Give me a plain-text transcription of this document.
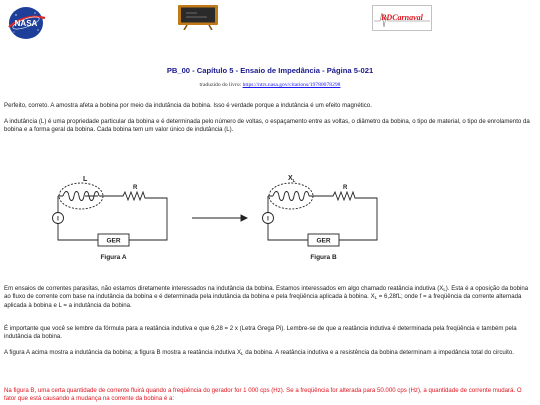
NASA
RDCarnaval
PB_00 - Capítulo 5 - Ensaio de Impedância - Página 5-021
traduzido do livro: https://ntrs.nasa.gov/citations/19780078298
Perfeito, correto. A amostra afeta a bobina por meio da indutância da bobina. Isso é verdade porque a indutância é um efeito magnético.
A indutância (L) é uma propriedade particular da bobina e é determinada pelo número de voltas, o espaçamento entre as voltas, o diâmetro da bobina, o tipo de material, o tipo de enrolamento da bobina e a forma geral da bobina. Cada bobina tem um valor único de indutância (L).
L
R
I
GER
Figura A
$X_L$
R
I
GER
Figura B
Em ensaios de correntes parasitas, não estamos diretamente interessados na indutância da bobina. Estamos interessados em algo chamado reatância indutiva $(X_L)$. Esta é a oposição da bobina ao fluxo de corrente com base na indutância da bobina e é determinada pela indutância da bobina e pela freqüência aplicada à bobina. $X_L = 6,28fL$; onde f = a freqüência da corrente alternada aplicada à bobina e L = a indutância da bobina.
É importante que você se lembre da fórmula para a reatância indutiva e que 6,28 = 2 x (Letra Grega Pi). Lembre-se de que a reatância indutiva é determinada pela freqüência e também pela indutância da bobina.
A figura A acima mostra a indutância da bobina; a figura B mostra a reatância indutiva $X_L$ da bobina. A reatância indutiva e a resistência da bobina determinam a impedância total do circuito.
Na figura B, uma certa quantidade de corrente fluirá quando a freqüência do gerador for 1 000 cps (Hz). Se a freqüência for alterada para 50.000 cps (Hz), a quantidade de corrente mudará. O fator que está causando a mudança na corrente da bobina é a:
